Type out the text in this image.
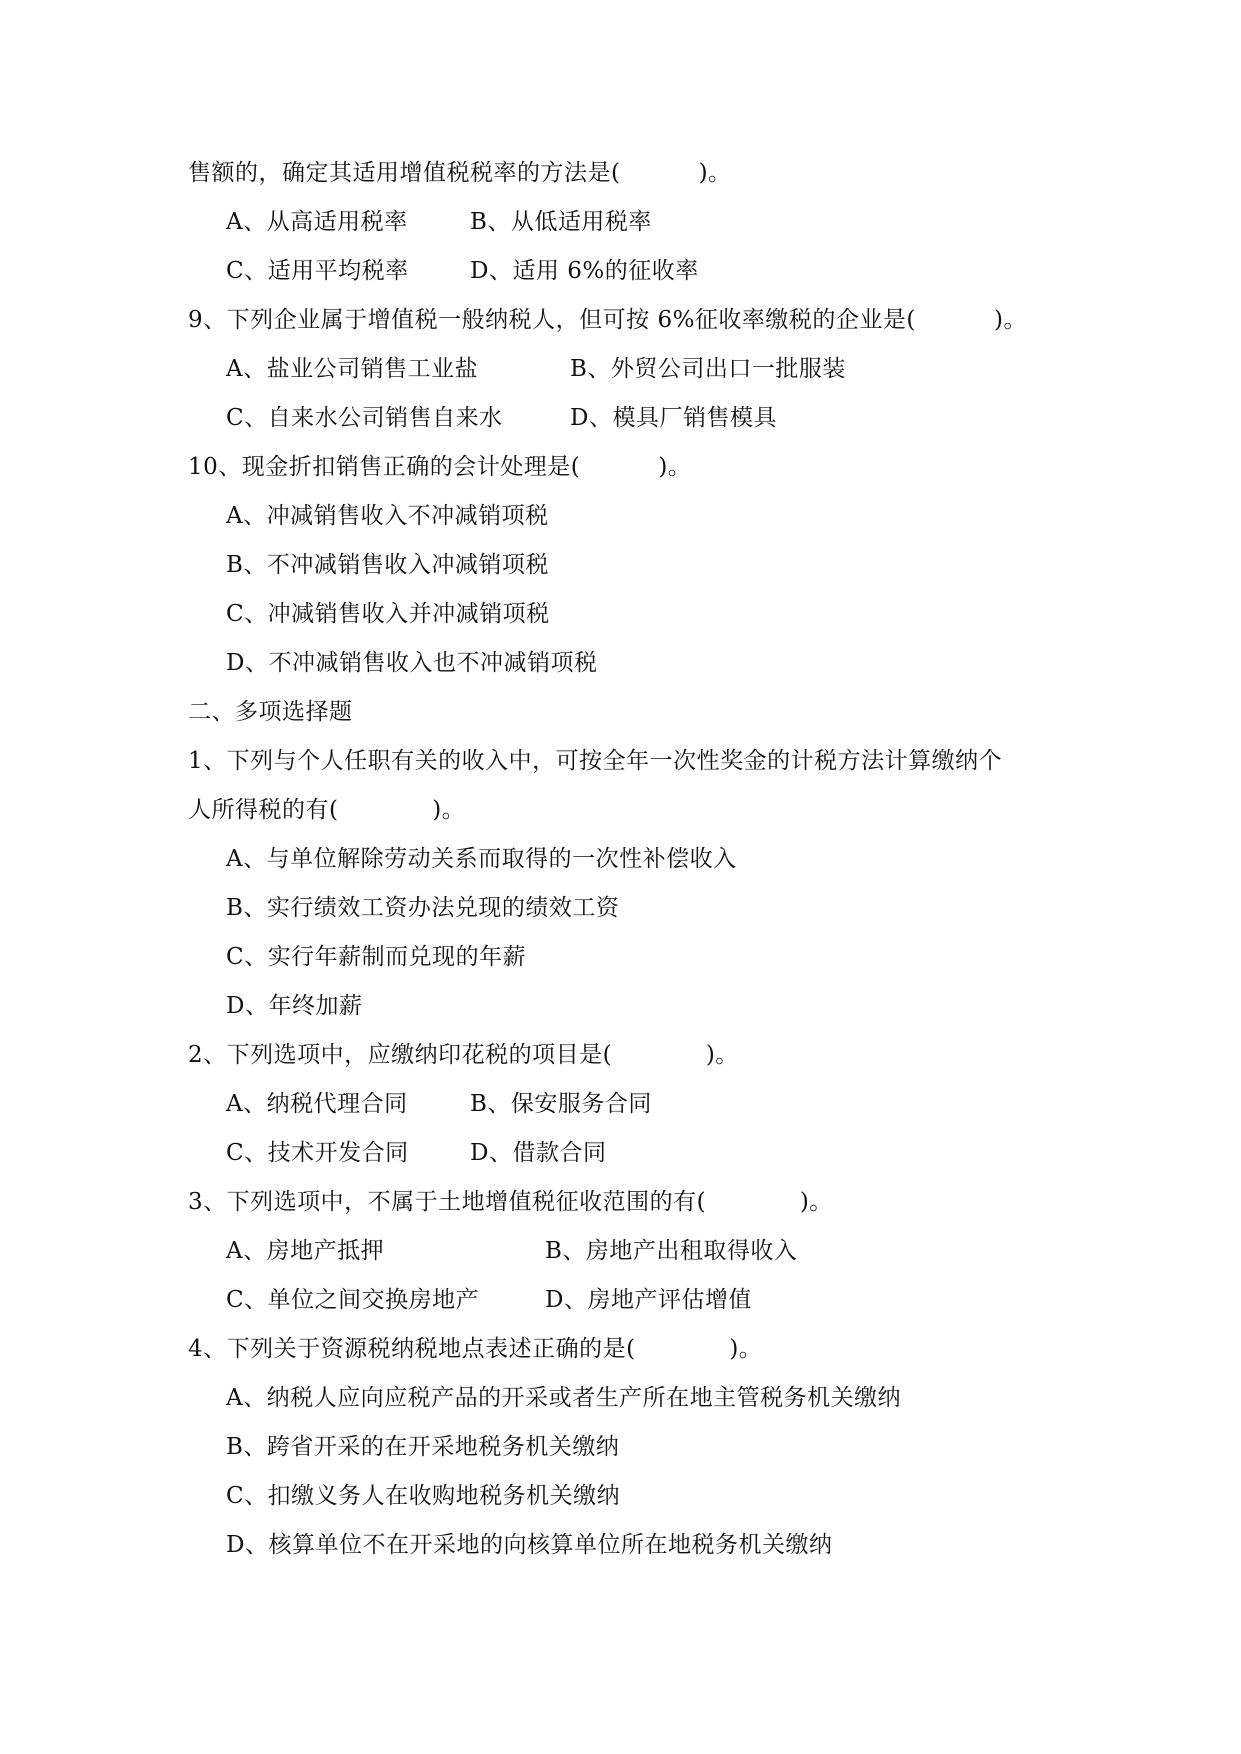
售额的，确定其适用增值税税率的方法是(          )。
A、从高适用税率	B、从低适用税率
C、适用平均税率	D、适用 6%的征收率
9、下列企业属于增值税一般纳税人，但可按 6%征收率缴税的企业是(          )。
A、盐业公司销售工业盐	B、外贸公司出口一批服装
C、自来水公司销售自来水	D、模具厂销售模具
10、现金折扣销售正确的会计处理是(          )。
A、冲减销售收入不冲减销项税
B、不冲减销售收入冲减销项税
C、冲减销售收入并冲减销项税
D、不冲减销售收入也不冲减销项税
二、多项选择题
1、下列与个人任职有关的收入中，可按全年一次性奖金的计税方法计算缴纳个
人所得税的有(            )。
A、与单位解除劳动关系而取得的一次性补偿收入
B、实行绩效工资办法兑现的绩效工资
C、实行年薪制而兑现的年薪
D、年终加薪
2、下列选项中，应缴纳印花税的项目是(            )。
A、纳税代理合同	B、保安服务合同
C、技术开发合同	D、借款合同
3、下列选项中，不属于土地增值税征收范围的有(            )。
A、房地产抵押	B、房地产出租取得收入
C、单位之间交换房地产	D、房地产评估增值
4、下列关于资源税纳税地点表述正确的是(            )。
A、纳税人应向应税产品的开采或者生产所在地主管税务机关缴纳
B、跨省开采的在开采地税务机关缴纳
C、扣缴义务人在收购地税务机关缴纳
D、核算单位不在开采地的向核算单位所在地税务机关缴纳
